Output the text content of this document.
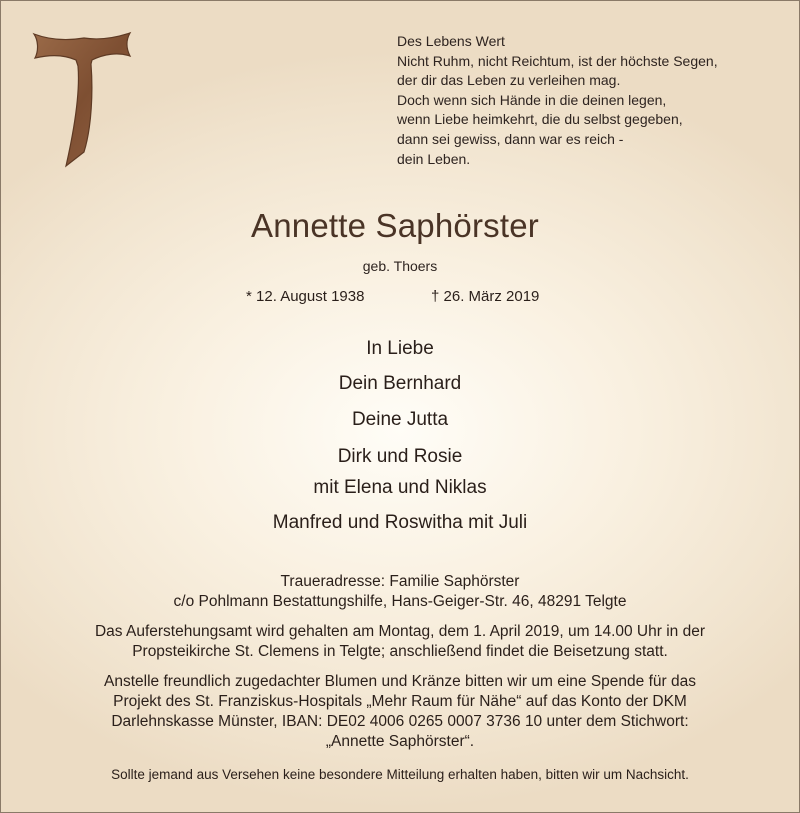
Des Lebens Wert
Nicht Ruhm, nicht Reichtum, ist der höchste Segen,
der dir das Leben zu verleihen mag.
Doch wenn sich Hände in die deinen legen,
wenn Liebe heimkehrt, die du selbst gegeben,
dann sei gewiss, dann war es reich -
dein Leben.
Annette Saphörster
geb. Thoers
* 12. August 1938	† 26. März 2019
In Liebe
Dein Bernhard
Deine Jutta
Dirk und Rosie
mit Elena und Niklas
Manfred und Roswitha mit Juli
Traueradresse: Familie Saphörster
c/o Pohlmann Bestattungshilfe, Hans-Geiger-Str. 46, 48291 Telgte
Das Auferstehungsamt wird gehalten am Montag, dem 1. April 2019, um 14.00 Uhr in der
Propsteikirche St. Clemens in Telgte; anschließend findet die Beisetzung statt.
Anstelle freundlich zugedachter Blumen und Kränze bitten wir um eine Spende für das
Projekt des St. Franziskus-Hospitals „Mehr Raum für Nähe“ auf das Konto der DKM
Darlehnskasse Münster, IBAN: DE02 4006 0265 0007 3736 10 unter dem Stichwort:
„Annette Saphörster“.
Sollte jemand aus Versehen keine besondere Mitteilung erhalten haben, bitten wir um Nachsicht.
